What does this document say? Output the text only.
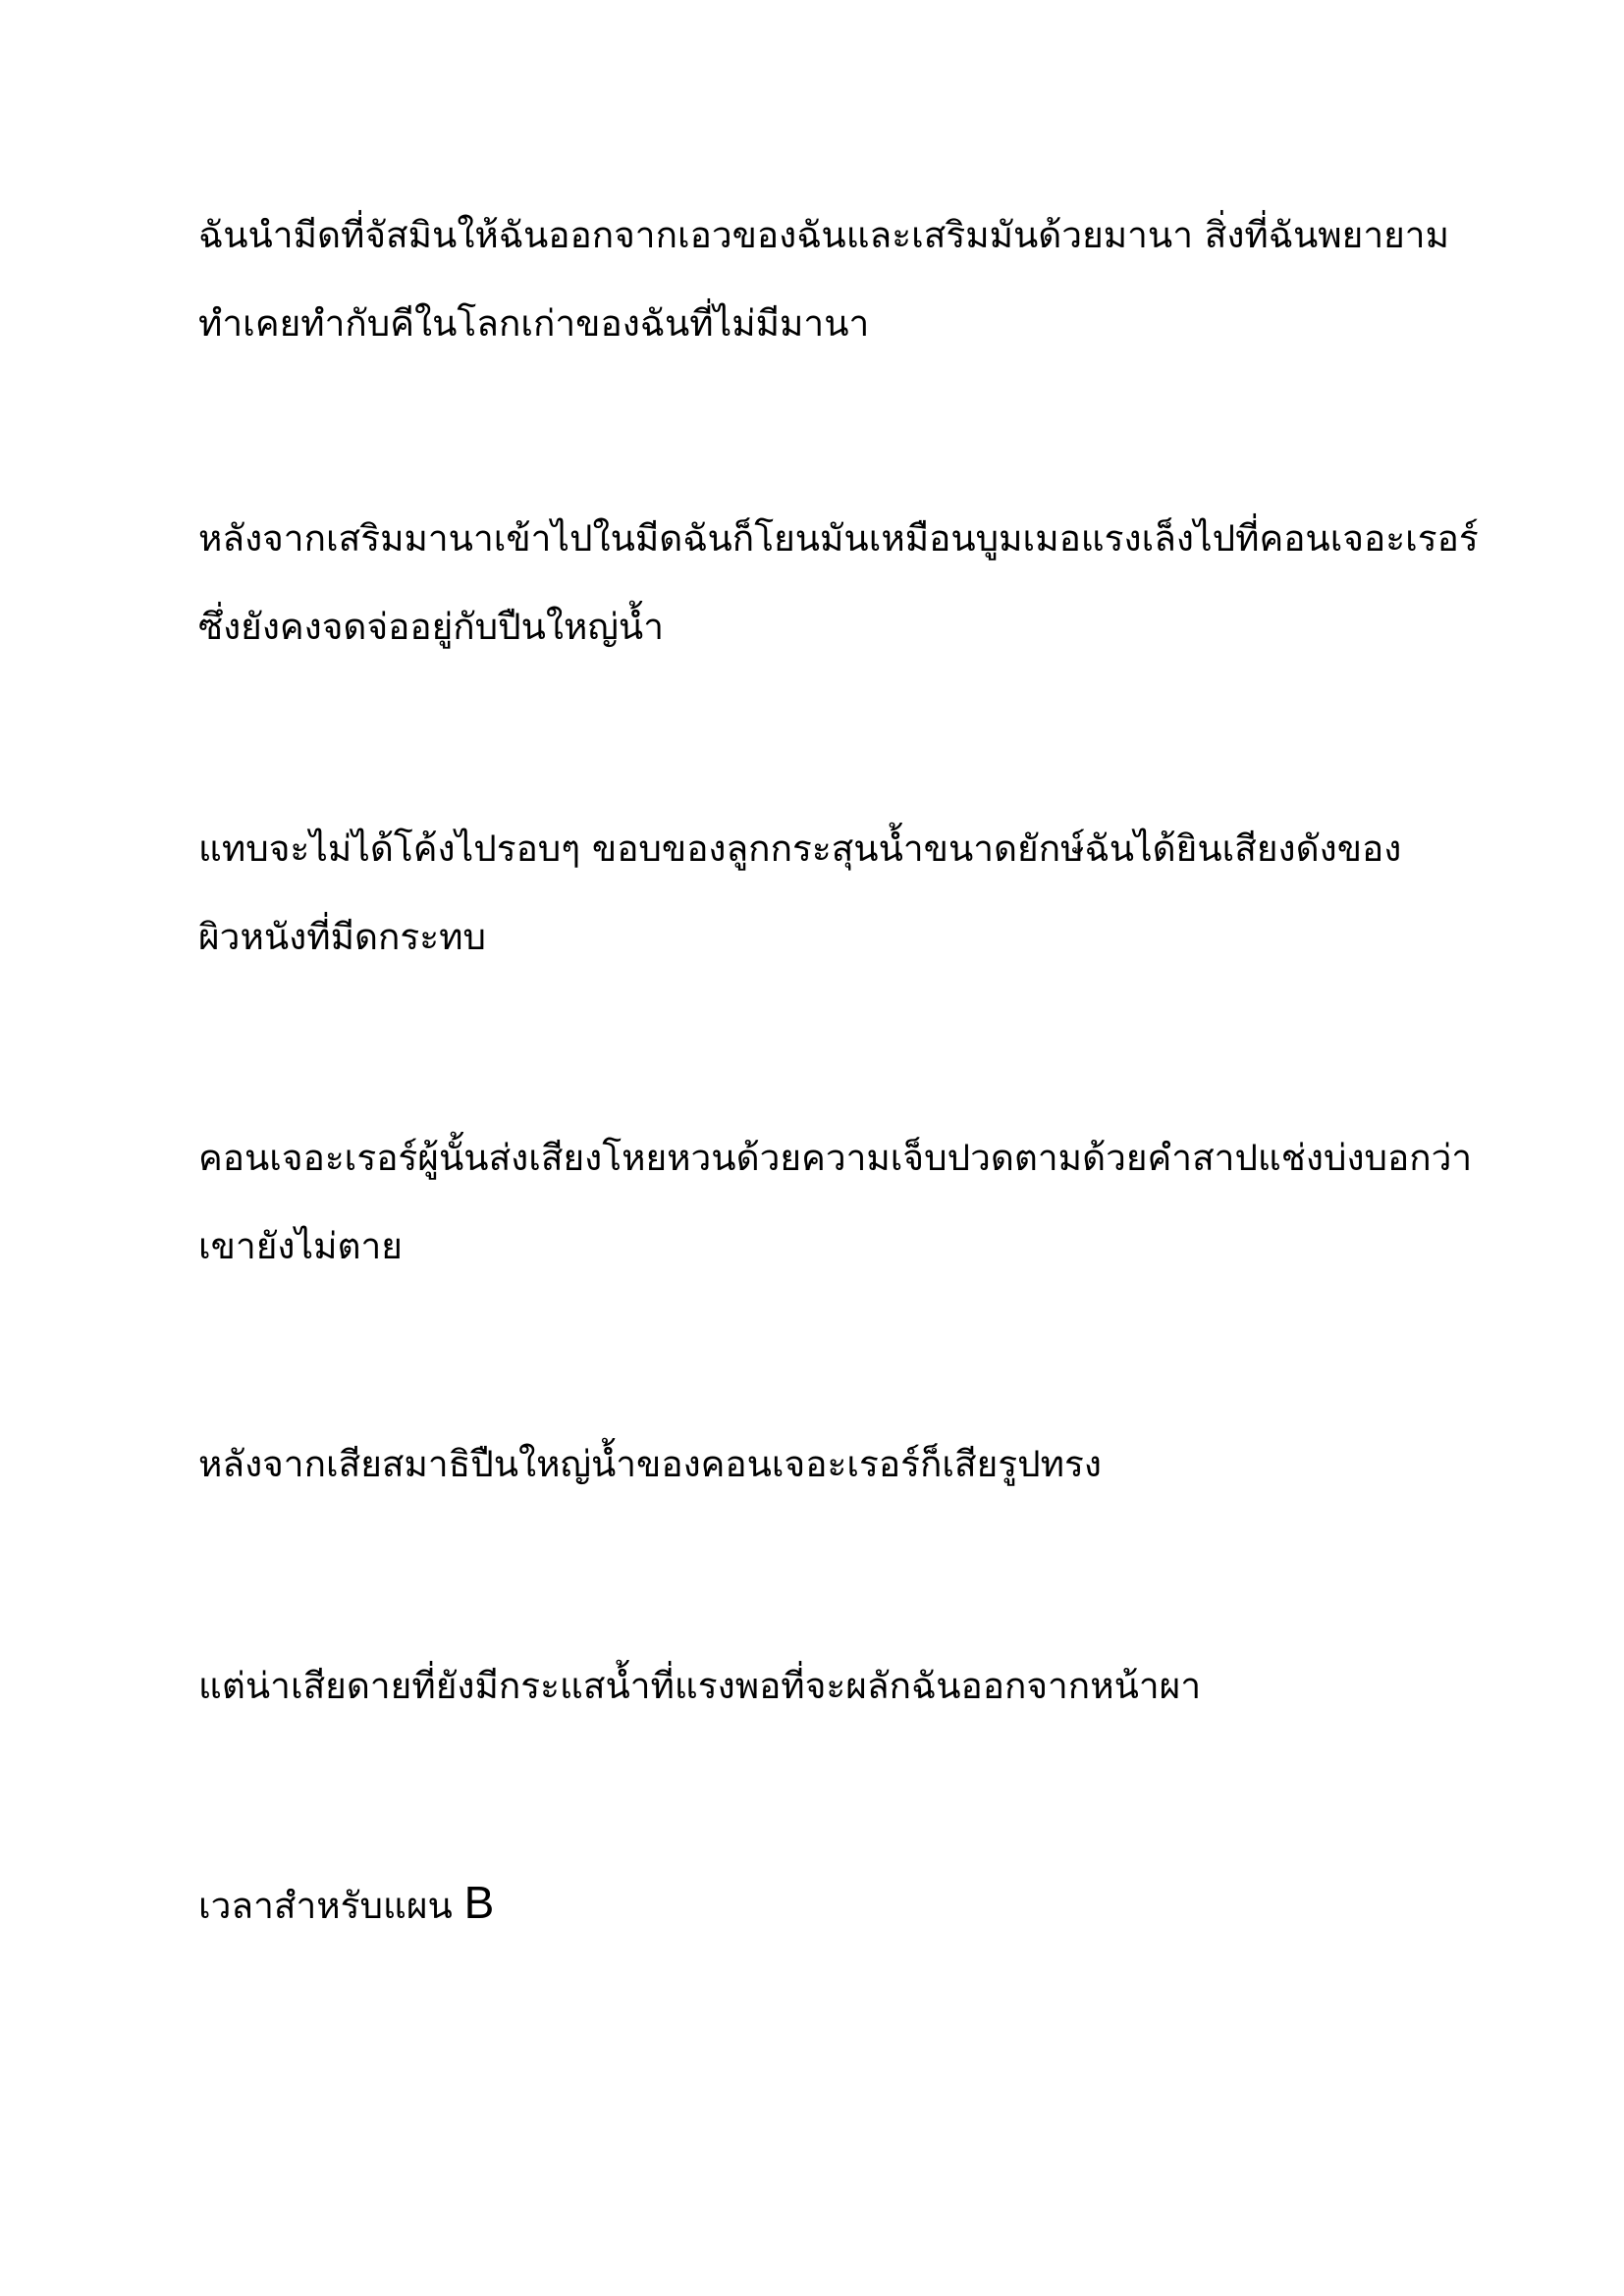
ฉันนำมีดที่จัสมินให้ฉันออกจากเอวของฉันและเสริมมันด้วยมานา สิ่งที่ฉันพยายาม
ทำเคยทำกับคีในโลกเก่าของฉันที่ไม่มีมานา
หลังจากเสริมมานาเข้าไปในมีดฉันก็โยนมันเหมือนบูมเมอแรงเล็งไปที่คอนเจอะเรอร์
ซึ่งยังคงจดจ่ออยู่กับปืนใหญ่น้ำ
แทบจะไม่ได้โค้งไปรอบๆ ขอบของลูกกระสุนน้ำขนาดยักษ์ฉันได้ยินเสียงดังของ
ผิวหนังที่มีดกระทบ
คอนเจอะเรอร์ผู้นั้นส่งเสียงโหยหวนด้วยความเจ็บปวดตามด้วยคำสาปแช่งบ่งบอกว่า
เขายังไม่ตาย
หลังจากเสียสมาธิปืนใหญ่น้ำของคอนเจอะเรอร์ก็เสียรูปทรง
แต่น่าเสียดายที่ยังมีกระแสน้ำที่แรงพอที่จะผลักฉันออกจากหน้าผา
เวลาสำหรับแผน B
